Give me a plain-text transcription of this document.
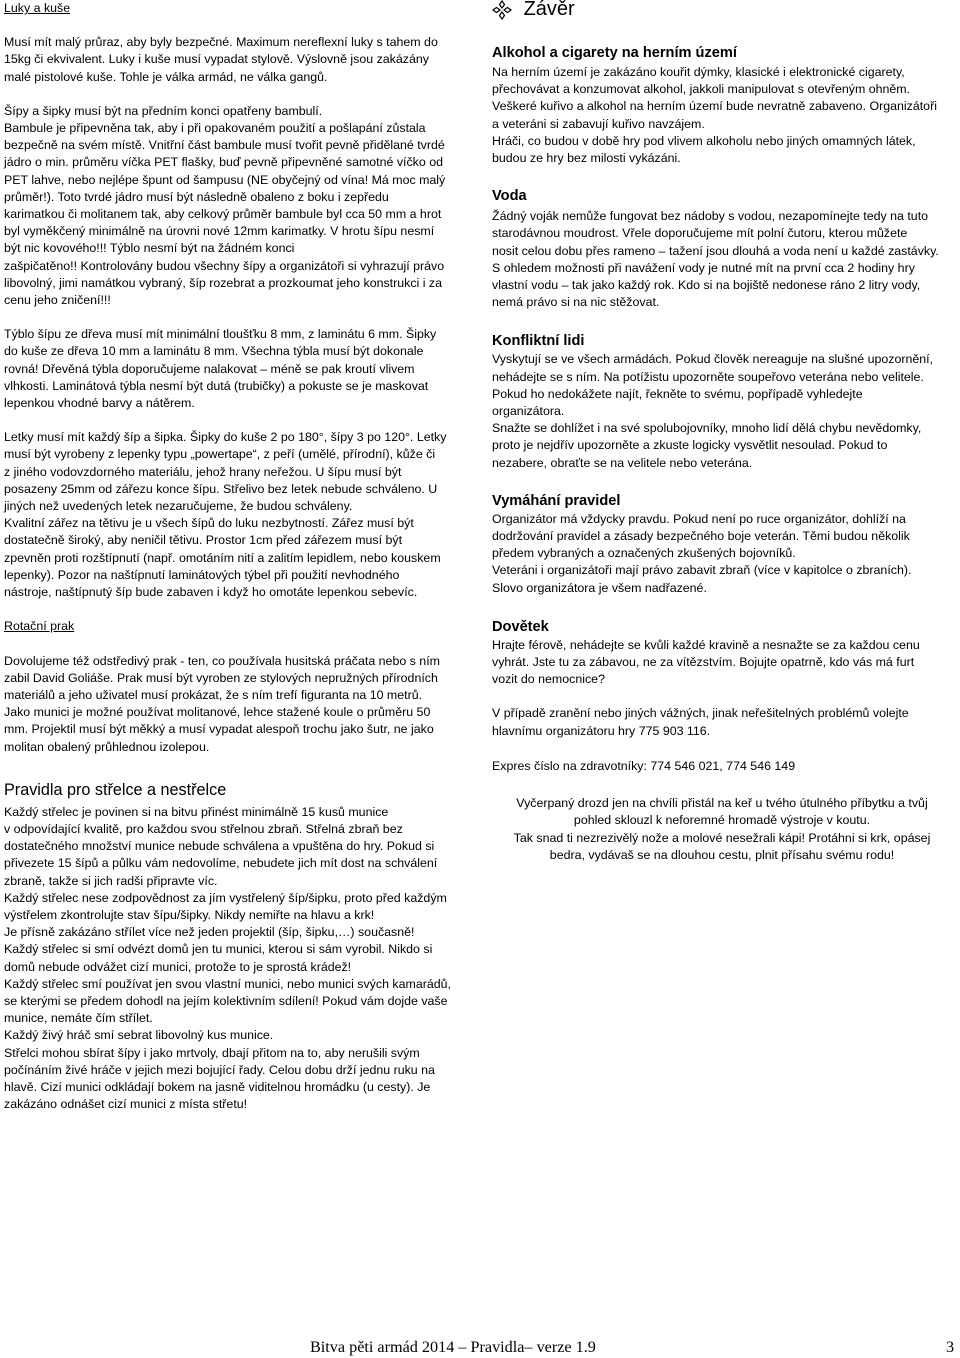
Luky a kuše

Musí mít malý průraz, aby byly bezpečné. Maximum nereflexní luky s tahem do

15kg či ekvivalent. Luky i kuše musí vypadat stylově. Výslovně jsou zakázány

malé pistolové kuše. Tohle je válka armád, ne válka gangů.

Šípy a šipky musí být na předním konci opatřeny bambulí.

Bambule je připevněna tak, aby i při opakovaném použití a pošlapání zůstala

bezpečně na svém místě. Vnitřní část bambule musí tvořit pevně přidělané tvrdé

jádro o min. průměru víčka PET flašky, buď pevně připevněné samotné víčko od

PET lahve, nebo nejlépe špunt od šampusu (NE obyčejný od vína! Má moc malý

průměr!). Toto tvrdé jádro musí být následně obaleno z boku i zepředu

karimatkou či molitanem tak, aby celkový průměr bambule byl cca 50 mm a hrot

byl vyměkčený minimálně na úrovni nové 12mm karimatky. V hrotu šípu nesmí

být nic kovového!!! Týblo nesmí být na žádném konci

zašpičatěno!! Kontrolovány budou všechny šípy a organizátoři si vyhrazují právo

libovolný, jimi namátkou vybraný, šíp rozebrat a prozkoumat jeho konstrukci i za

cenu jeho zničení!!!

Týblo šípu ze dřeva musí mít minimální tloušťku 8 mm, z laminátu 6 mm. Šipky

do kuše ze dřeva 10 mm a laminátu 8 mm. Všechna týbla musí být dokonale

rovná! Dřevěná týbla doporučujeme nalakovat – méně se pak kroutí vlivem

vlhkosti. Laminátová týbla nesmí být dutá (trubičky) a pokuste se je maskovat

lepenkou vhodné barvy a nátěrem.

Letky musí mít každý šíp a šipka. Šipky do kuše 2 po 180°, šípy 3 po 120°. Letky

musí být vyrobeny z lepenky typu „powertape“, z peří (umělé, přírodní), kůže či

z jiného vodovzdorného materiálu, jehož hrany neřežou. U šípu musí být

posazeny 25mm od zářezu konce šípu. Střelivo bez letek nebude schváleno. U

jiných než uvedených letek nezaručujeme, že budou schváleny.

Kvalitní zářez na tětivu je u všech šípů do luku nezbytností. Zářez musí být

dostatečně široký, aby neničil tětivu. Prostor 1cm před zářezem musí být

zpevněn proti rozštípnutí (např. omotáním nití a zalitím lepidlem, nebo kouskem

lepenky). Pozor na naštípnutí laminátových týbel při použití nevhodného

nástroje, naštípnutý šíp bude zabaven i když ho omotáte lepenkou sebevíc.

Rotační prak

Dovolujeme též odstředivý prak - ten, co používala husitská práčata nebo s ním

zabil David Goliáše. Prak musí být vyroben ze stylových nepružných přírodních

materiálů a jeho uživatel musí prokázat, že s ním trefí figuranta na 10 metrů.

Jako munici je možné používat molitanové, lehce stažené koule o průměru 50

mm. Projektil musí být měkký a musí vypadat alespoň trochu jako šutr, ne jako

molitan obalený průhlednou izolepou.

Pravidla pro střelce a nestřelce

Každý střelec je povinen si na bitvu přinést minimálně 15 kusů munice

v odpovídající kvalitě, pro každou svou střelnou zbraň. Střelná zbraň bez

dostatečného množství munice nebude schválena a vpuštěna do hry. Pokud si

přivezete 15 šípů a půlku vám nedovolíme, nebudete jich mít dost na schválení

zbraně, takže si jich radši připravte víc.

Každý střelec nese zodpovědnost za jím vystřelený šíp/šipku, proto před každým

výstřelem zkontrolujte stav šípu/šipky. Nikdy nemiřte na hlavu a krk!

Je přísně zakázáno střílet více než jeden projektil (šíp, šipku,…) současně!

Každý střelec si smí odvézt domů jen tu munici, kterou si sám vyrobil. Nikdo si

domů nebude odvážet cizí munici, protože to je sprostá krádež!

Každý střelec smí používat jen svou vlastní munici, nebo munici svých kamarádů,

se kterými se předem dohodl na jejím kolektivním sdílení! Pokud vám dojde vaše

munice, nemáte čím střílet.

Každý živý hráč smí sebrat libovolný kus munice.

Střelci mohou sbírat šípy i jako mrtvoly, dbají přitom na to, aby nerušili svým

počínáním živé hráče v jejich mezi bojující řady. Celou dobu drží jednu ruku na

hlavě. Cizí munici odkládají bokem na jasně viditelnou hromádku (u cesty). Je

zakázáno odnášet cizí munici z místa střetu!

Závěr

Alkohol a cigarety na herním území

Na herním území je zakázáno kouřit dýmky, klasické i elektronické cigarety,

přechovávat a konzumovat alkohol, jakkoli manipulovat s otevřeným ohněm.

Veškeré kuřivo a alkohol na herním území bude nevratně zabaveno. Organizátoři

a veteráni si zabavují kuřivo navzájem.

Hráči, co budou v době hry pod vlivem alkoholu nebo jiných omamných látek,

budou ze hry bez milosti vykázáni.

Voda

Žádný voják nemůže fungovat bez nádoby s vodou, nezapomínejte tedy na tuto

starodávnou moudrost. Vřele doporučujeme mít polní čutoru, kterou můžete

nosit celou dobu přes rameno – tažení jsou dlouhá a voda není u každé zastávky.

S ohledem možnosti při navážení vody je nutné mít na první cca 2 hodiny hry

vlastní vodu – tak jako každý rok. Kdo si na bojiště nedonese ráno 2 litry vody,

nemá právo si na nic stěžovat.

Konfliktní lidi

Vyskytují se ve všech armádách. Pokud člověk nereaguje na slušné upozornění,

nehádejte se s ním. Na potížistu upozorněte soupeřovo veterána nebo velitele.

Pokud ho nedokážete najít, řekněte to svému, popřípadě vyhledejte

organizátora.

Snažte se dohlížet i na své spolubojovníky, mnoho lidí dělá chybu nevědomky,

proto je nejdřív upozorněte a zkuste logicky vysvětlit nesoulad. Pokud to

nezabere, obraťte se na velitele nebo veterána.

Vymáhání pravidel

Organizátor má vždycky pravdu. Pokud není po ruce organizátor, dohlíží na

dodržování pravidel a zásady bezpečného boje veterán. Těmi budou několik

předem vybraných a označených zkušených bojovníků.

Veteráni i organizátoři mají právo zabavit zbraň (více v kapitolce o zbraních).

Slovo organizátora je všem nadřazené.

Dovětek

Hrajte férově, nehádejte se kvůli každé kravině a nesnažte se za každou cenu

vyhrát. Jste tu za zábavou, ne za vítězstvím. Bojujte opatrně, kdo vás má furt

vozit do nemocnice?

V případě zranění nebo jiných vážných, jinak neřešitelných problémů volejte

hlavnímu organizátoru hry 775 903 116.

Expres číslo na zdravotníky: 774 546 021, 774 546 149

Vyčerpaný drozd jen na chvíli přistál na keř u tvého útulného příbytku a tvůj

pohled sklouzl k neforemné hromadě výstroje v koutu.

Tak snad ti nezrezivělý nože a molové nesežrali kápi! Protáhni si krk, opásej

bedra, vydávaš se na dlouhou cestu, plnit přísahu svému rodu!

Bitva pěti armád 2014 – Pravidla– verze 1.9	3
